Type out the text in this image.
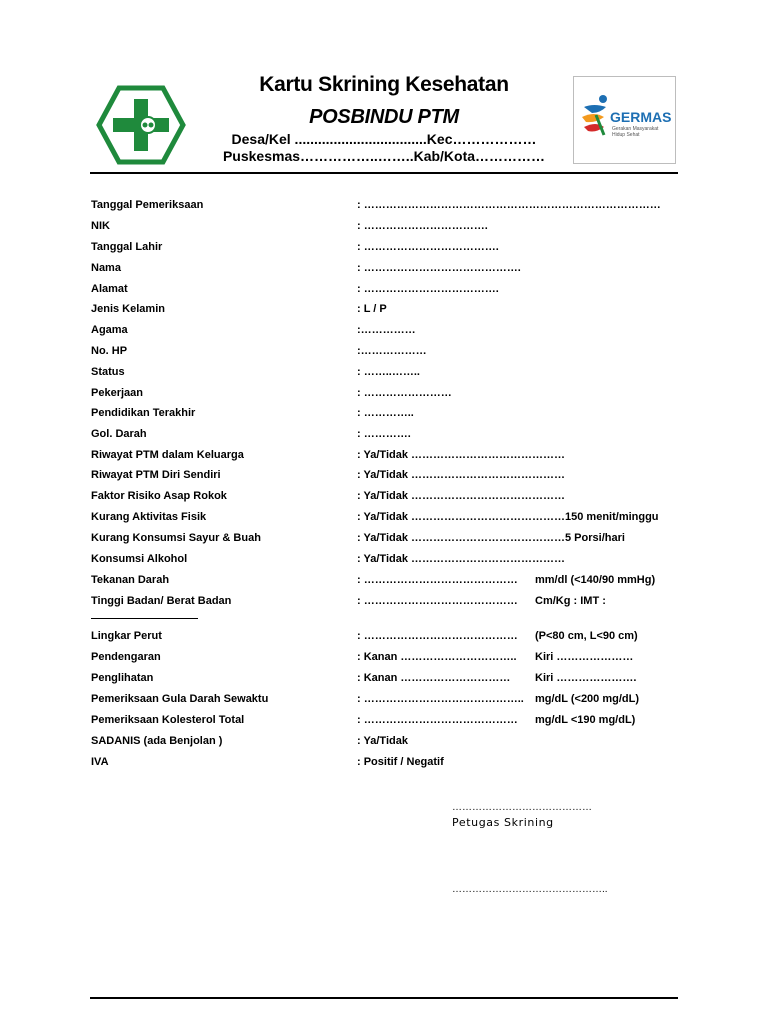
GERMAS
Gerakan Masyarakat
Hidup Sehat
Kartu Skrining Kesehatan
POSBINDU PTM
Desa/Kel ..................................Kec………………
Puskesmas……………..……..Kab/Kota……………
Tanggal Pemeriksaan	: ………………………………………………………………………
NIK	: …………………………….
Tanggal Lahir	: ……………………………….
Nama	: …………………………………….
Alamat	: ……………………………….
Jenis Kelamin	: L / P
Agama	:……………
No. HP	:………………
Status	: ……..……..
Pekerjaan	: ……………………
Pendidikan Terakhir	: …………..
Gol. Darah	: ………….
Riwayat PTM dalam Keluarga	: Ya/Tidak ……………………………………
Riwayat PTM Diri Sendiri	: Ya/Tidak ……………………………………
Faktor Risiko Asap Rokok	: Ya/Tidak ……………………………………
Kurang Aktivitas Fisik	: Ya/Tidak ……………………………………150 menit/minggu
Kurang Konsumsi Sayur & Buah	: Ya/Tidak ……………………………………5 Porsi/hari
Konsumsi Alkohol	: Ya/Tidak ……………………………………
Tekanan Darah	: …………………………………… mm/dl (<140/90 mmHg)
Tinggi Badan/ Berat Badan	: …………………………………… Cm/Kg : IMT :
Lingkar Perut	: …………………………………… (P<80 cm, L<90 cm)
Pendengaran	: Kanan ………………………….. Kiri …………………
Penglihatan	: Kanan ………………………… Kiri ………………….
Pemeriksaan Gula Darah Sewaktu	: …………………………………….. mg/dL (<200 mg/dL)
Pemeriksaan Kolesterol Total	: …………………………………… mg/dL <190 mg/dL)
SADANIS (ada Benjolan )	: Ya/Tidak
IVA	: Positif / Negatif
……………………………………
Petugas Skrining
………………………………………..
